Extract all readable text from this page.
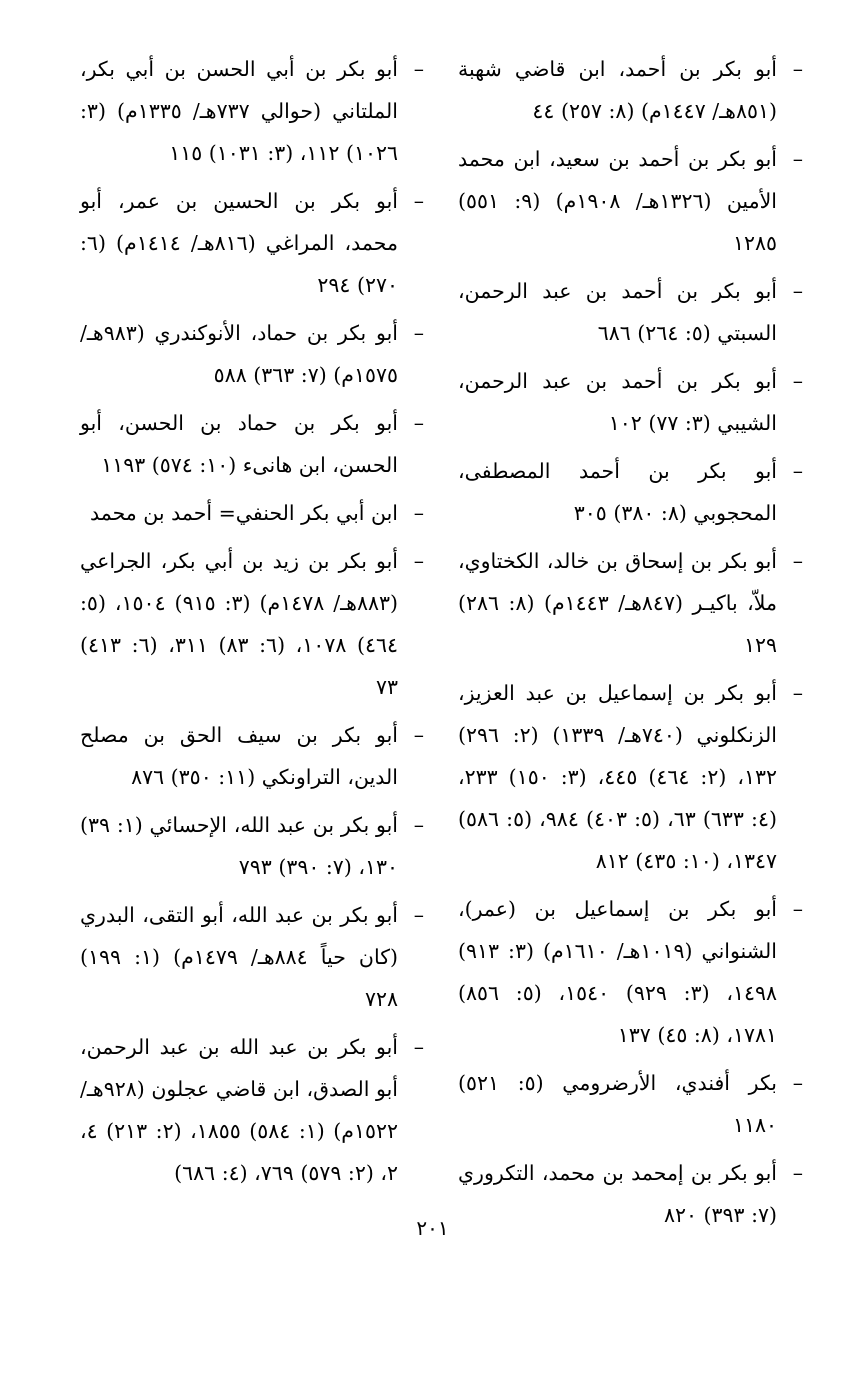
–
أبو بكر بن أحمد، ابن قاضي شهبة (٨٥١هـ/ ١٤٤٧م) (٨: ٢٥٧) ٤٤
–
أبو بكر بن أحمد بن سعيد، ابن محمد الأمين (١٣٢٦هـ/ ١٩٠٨م) (٩: ٥٥١) ١٢٨٥
–
أبو بكر بن أحمد بن عبد الرحمن، السبتي (٥: ٢٦٤) ٦٨٦
–
أبو بكر بن أحمد بن عبد الرحمن، الشيبي (٣: ٧٧) ١٠٢
–
أبو بكر بن أحمد المصطفى، المحجوبي (٨: ٣٨٠) ٣٠٥
–
أبو بكر بن إسحاق بن خالد، الكختاوي، ملاّ، باكيـر (٨٤٧هـ/ ١٤٤٣م) (٨: ٢٨٦) ١٢٩
–
أبو بكر بن إسماعيل بن عبد العزيز، الزنكلوني (٧٤٠هـ/ ١٣٣٩) (٢: ٢٩٦) ١٣٢، (٢: ٤٦٤) ٤٤٥، (٣: ١٥٠) ٢٣٣، (٤: ٦٣٣) ٦٣، (٥: ٤٠٣) ٩٨٤، (٥: ٥٨٦) ١٣٤٧، (١٠: ٤٣٥) ٨١٢
–
أبو بكر بن إسماعيل بن (عمر)، الشنواني (١٠١٩هـ/ ١٦١٠م) (٣: ٩١٣) ١٤٩٨، (٣: ٩٢٩) ١٥٤٠، (٥: ٨٥٦) ١٧٨١، (٨: ٤٥) ١٣٧
–
بكر أفندي، الأرضرومي (٥: ٥٢١) ١١٨٠
–
أبو بكر بن إمحمد بن محمد، التكروري (٧: ٣٩٣) ٨٢٠
–
أبو بكر بن أبي الحسن بن أبي بكر، الملتاني (حوالي ٧٣٧هـ/ ١٣٣٥م) (٣: ١٠٢٦) ١١٢، (٣: ١٠٣١) ١١٥
–
أبو بكر بن الحسين بن عمر، أبو محمد، المراغي (٨١٦هـ/ ١٤١٤م) (٦: ٢٧٠) ٢٩٤
–
أبو بكر بن حماد، الأنوكندري (٩٨٣هـ/ ١٥٧٥م) (٧: ٣٦٣) ٥٨٨
–
أبو بكر بن حماد بن الحسن، أبو الحسن، ابن هانىء (١٠: ٥٧٤) ١١٩٣
–
ابن أبي بكر الحنفي= أحمد بن محمد
–
أبو بكر بن زيد بن أبي بكر، الجراعي (٨٨٣هـ/ ١٤٧٨م) (٣: ٩١٥) ١٥٠٤، (٥: ٤٦٤) ١٠٧٨، (٦: ٨٣) ٣١١، (٦: ٤١٣) ٧٣
–
أبو بكر بن سيف الحق بن مصلح الدين، التراونكي (١١: ٣٥٠) ٨٧٦
–
أبو بكر بن عبد الله، الإحسائي (١: ٣٩) ١٣٠، (٧: ٣٩٠) ٧٩٣
–
أبو بكر بن عبد الله، أبو التقى، البدري (كان حياً ٨٨٤هـ/ ١٤٧٩م) (١: ١٩٩) ٧٢٨
–
أبو بكر بن عبد الله بن عبد الرحمن، أبو الصدق، ابن قاضي عجلون (٩٢٨هـ/ ١٥٢٢م) (١: ٥٨٤) ١٨٥٥، (٢: ٢١٣) ٤، ٢، (٢: ٥٧٩) ٧٦٩، (٤: ٦٨٦)
٢٠١
